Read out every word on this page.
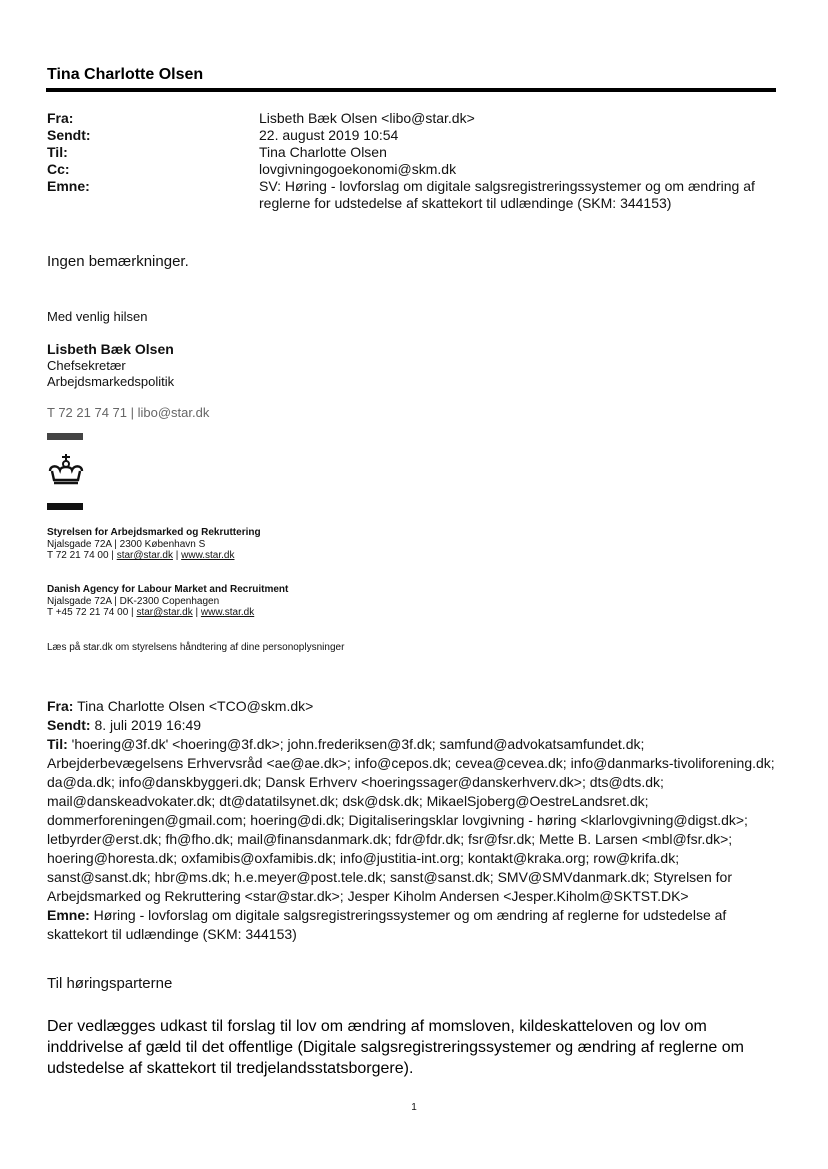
Tina Charlotte Olsen
Fra:	Lisbeth Bæk Olsen <libo@star.dk>
Sendt:	22. august 2019 10:54
Til:	Tina Charlotte Olsen
Cc:	lovgivningogoekonomi@skm.dk
Emne:	SV: Høring - lovforslag om digitale salgsregistreringssystemer og om ændring af
reglerne for udstedelse af skattekort til udlændinge (SKM: 344153)
Ingen bemærkninger.
Med venlig hilsen
Lisbeth Bæk Olsen
Chefsekretær
Arbejdsmarkedspolitik
T 72 21 74 71 | libo@star.dk
Styrelsen for Arbejdsmarked og Rekruttering
Njalsgade 72A | 2300 København S
T 72 21 74 00 | star@star.dk | www.star.dk
Danish Agency for Labour Market and Recruitment
Njalsgade 72A | DK-2300 Copenhagen
T +45 72 21 74 00 | star@star.dk | www.star.dk
Læs på star.dk om styrelsens håndtering af dine personoplysninger
Fra: Tina Charlotte Olsen <TCO@skm.dk>
Sendt: 8. juli 2019 16:49
Til: 'hoering@3f.dk' <hoering@3f.dk>; john.frederiksen@3f.dk; samfund@advokatsamfundet.dk;
Arbejderbevægelsens Erhvervsråd <ae@ae.dk>; info@cepos.dk; cevea@cevea.dk; info@danmarks-tivoliforening.dk;
da@da.dk; info@danskbyggeri.dk; Dansk Erhverv <hoeringssager@danskerhverv.dk>; dts@dts.dk;
mail@danskeadvokater.dk; dt@datatilsynet.dk; dsk@dsk.dk; MikaelSjoberg@OestreLandsret.dk;
dommerforeningen@gmail.com; hoering@di.dk; Digitaliseringsklar lovgivning - høring <klarlovgivning@digst.dk>;
letbyrder@erst.dk; fh@fho.dk; mail@finansdanmark.dk; fdr@fdr.dk; fsr@fsr.dk; Mette B. Larsen <mbl@fsr.dk>;
hoering@horesta.dk; oxfamibis@oxfamibis.dk; info@justitia-int.org; kontakt@kraka.org; row@krifa.dk;
sanst@sanst.dk; hbr@ms.dk; h.e.meyer@post.tele.dk; sanst@sanst.dk; SMV@SMVdanmark.dk; Styrelsen for
Arbejdsmarked og Rekruttering <star@star.dk>; Jesper Kiholm Andersen <Jesper.Kiholm@SKTST.DK>
Emne: Høring - lovforslag om digitale salgsregistreringssystemer og om ændring af reglerne for udstedelse af
skattekort til udlændinge (SKM: 344153)
Til høringsparterne
Der vedlægges udkast til forslag til lov om ændring af momsloven, kildeskatteloven og lov om inddrivelse af gæld til det offentlige (Digitale salgsregistreringssystemer og ændring af reglerne om udstedelse af skattekort til tredjelandsstatsborgere).
1
